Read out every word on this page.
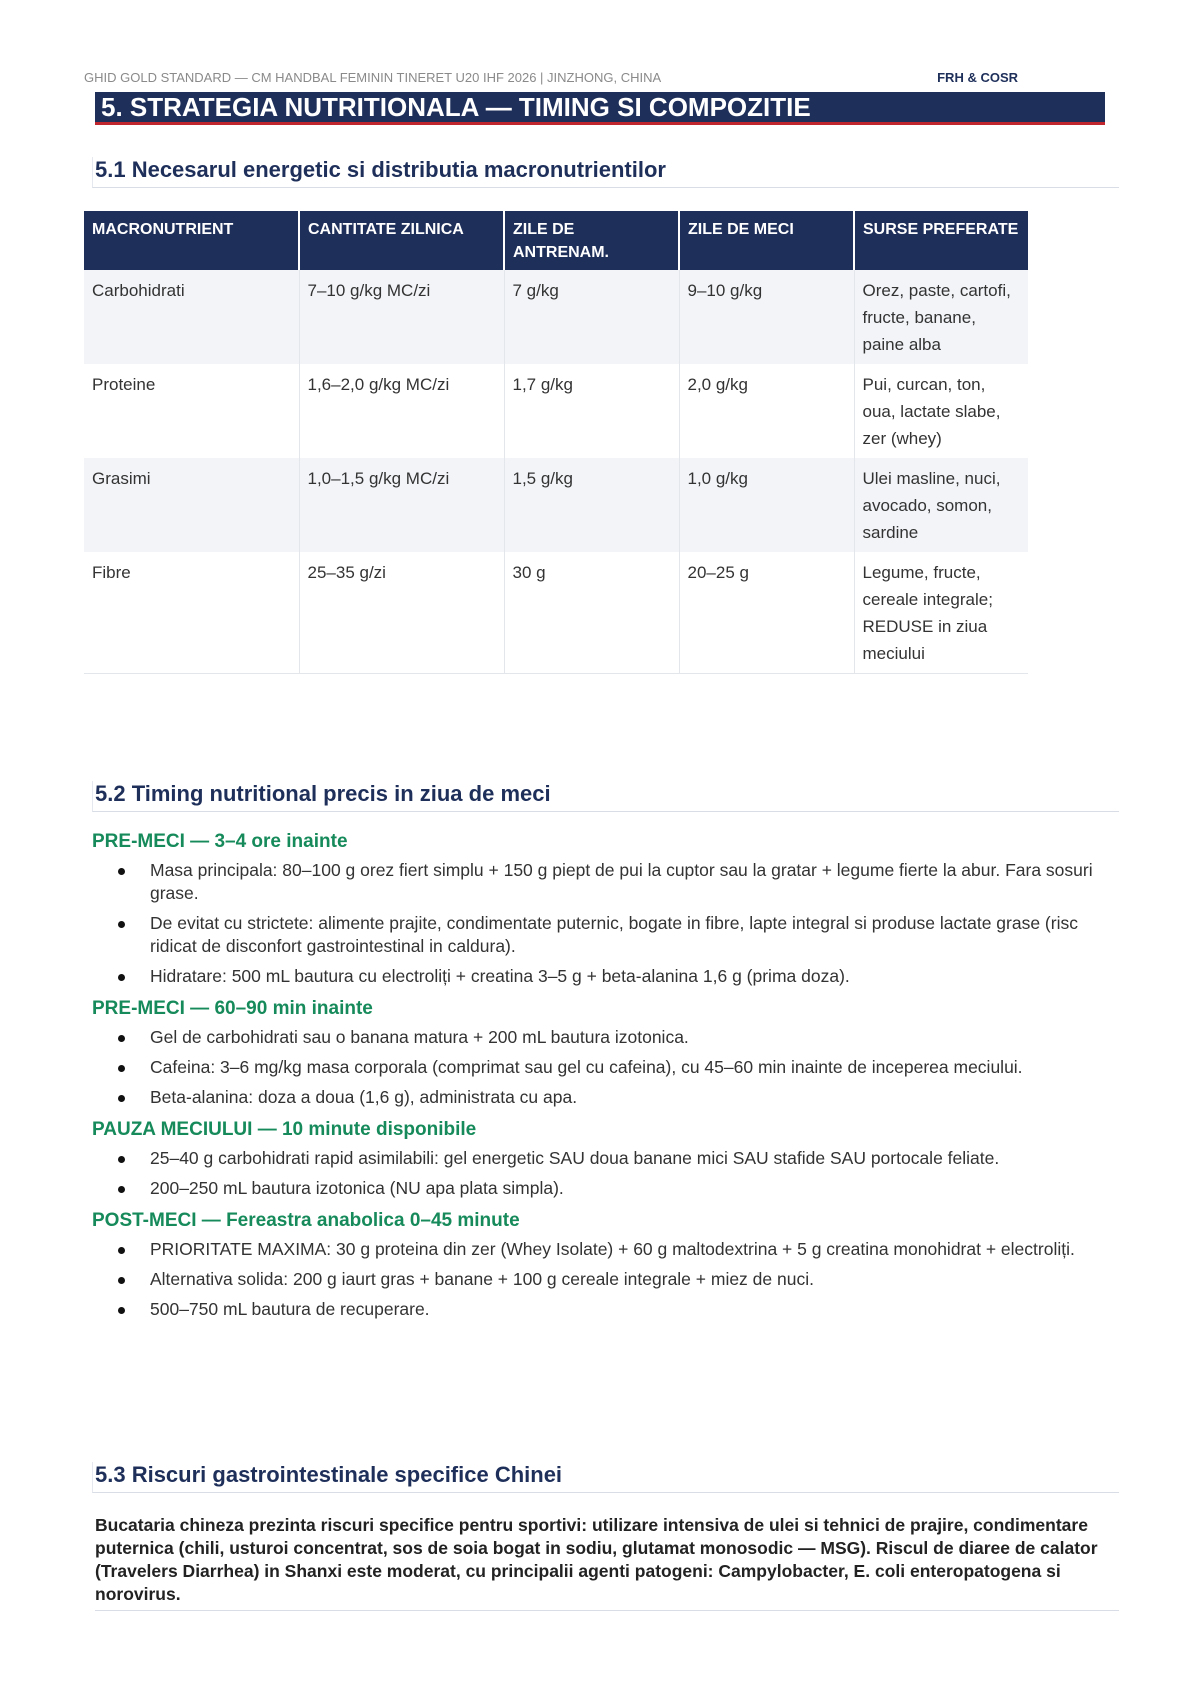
GHID GOLD STANDARD — CM HANDBAL FEMININ TINERET U20 IHF 2026 | JINZHONG, CHINA	FRH & COSR
5. STRATEGIA NUTRITIONALA — TIMING SI COMPOZITIE
5.1 Necesarul energetic si distributia macronutrientilor
MACRONUTRIENT	CANTITATE ZILNICA	ZILE DE ANTRENAM.	ZILE DE MECI	SURSE PREFERATE
Carbohidrati	7–10 g/kg MC/zi	7 g/kg	9–10 g/kg	Orez, paste, cartofi, fructe, banane, paine alba
Proteine	1,6–2,0 g/kg MC/zi	1,7 g/kg	2,0 g/kg	Pui, curcan, ton, oua, lactate slabe, zer (whey)
Grasimi	1,0–1,5 g/kg MC/zi	1,5 g/kg	1,0 g/kg	Ulei masline, nuci, avocado, somon, sardine
Fibre	25–35 g/zi	30 g	20–25 g	Legume, fructe, cereale integrale; REDUSE in ziua meciului
5.2 Timing nutritional precis in ziua de meci
PRE-MECI — 3–4 ore inainte
Masa principala: 80–100 g orez fiert simplu + 150 g piept de pui la cuptor sau la gratar + legume fierte la abur. Fara sosuri grase.
De evitat cu strictete: alimente prajite, condimentate puternic, bogate in fibre, lapte integral si produse lactate grase (risc ridicat de disconfort gastrointestinal in caldura).
Hidratare: 500 mL bautura cu electroliți + creatina 3–5 g + beta-alanina 1,6 g (prima doza).
PRE-MECI — 60–90 min inainte
Gel de carbohidrati sau o banana matura + 200 mL bautura izotonica.
Cafeina: 3–6 mg/kg masa corporala (comprimat sau gel cu cafeina), cu 45–60 min inainte de inceperea meciului.
Beta-alanina: doza a doua (1,6 g), administrata cu apa.
PAUZA MECIULUI — 10 minute disponibile
25–40 g carbohidrati rapid asimilabili: gel energetic SAU doua banane mici SAU stafide SAU portocale feliate.
200–250 mL bautura izotonica (NU apa plata simpla).
POST-MECI — Fereastra anabolica 0–45 minute
PRIORITATE MAXIMA: 30 g proteina din zer (Whey Isolate) + 60 g maltodextrina + 5 g creatina monohidrat + electroliți.
Alternativa solida: 200 g iaurt gras + banane + 100 g cereale integrale + miez de nuci.
500–750 mL bautura de recuperare.
5.3 Riscuri gastrointestinale specifice Chinei

Bucataria chineza prezinta riscuri specifice pentru sportivi: utilizare intensiva de ulei si tehnici de prajire, condimentare puternica (chili, usturoi concentrat, sos de soia bogat in sodiu, glutamat monosodic — MSG). Riscul de diaree de calator (Travelers Diarrhea) in Shanxi este moderat, cu principalii agenti patogeni: Campylobacter, E. coli enteropatogena si norovirus.
